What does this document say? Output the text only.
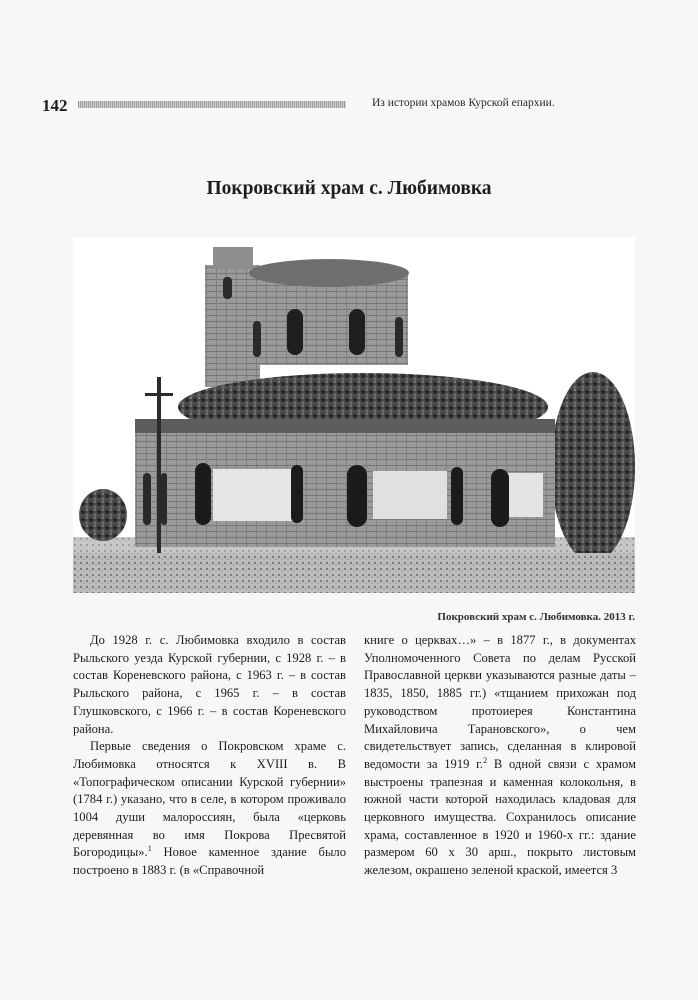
142	Из истории храмов Курской епархии.
Покровский храм с. Любимовка
Покровский храм с. Любимовка. 2013 г.

До 1928 г. с. Любимовка входило в состав Рыльского уезда Курской губернии, с 1928 г. – в состав Кореневского района, с 1963 г. – в состав Рыльского района, с 1965 г. – в состав Глушковского, с 1966 г. – в состав Кореневского района.

Первые сведения о Покровском храме с. Любимовка относятся к XVIII в. В «Топографическом описании Курской губернии» (1784 г.) указано, что в селе, в котором проживало 1004 души малороссиян, была «церковь деревянная во имя Покрова Пресвятой Богородицы».$^1$ Новое каменное здание было построено в 1883 г. (в «Справочной

книге о церквах…» – в 1877 г., в документах Уполномоченного Совета по делам Русской Православной церкви указываются разные даты – 1835, 1850, 1885 гг.) «тщанием прихожан под руководством протоиерея Константина Михайловича Тарановского», о чем свидетельствует запись, сделанная в клировой ведомости за 1919 г.$^2$ В одной связи с храмом выстроены трапезная и каменная колокольня, в южной части которой находилась кладовая для церковного имущества. Сохранилось описание храма, составленное в 1920 и 1960-х гг.: здание размером 60 х 30 арш., покрыто листовым железом, окрашено зеленой краской, имеется 3
